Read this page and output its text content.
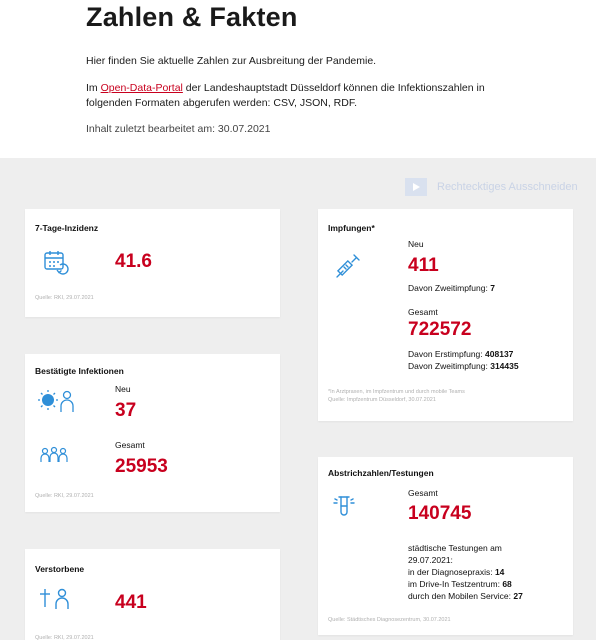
Zahlen & Fakten
Hier finden Sie aktuelle Zahlen zur Ausbreitung der Pandemie.
Im Open-Data-Portal der Landeshauptstadt Düsseldorf können die Infektionszahlen in folgenden Formaten abgerufen werden: CSV, JSON, RDF.
Inhalt zuletzt bearbeitet am: 30.07.2021
Rechtecktiges Ausschneiden
7-Tage-Inzidenz
41.6
Quelle: RKI, 29.07.2021
Bestätigte Infektionen
Neu
37
Gesamt
25953
Quelle: RKI, 29.07.2021
Verstorbene
441
Quelle: RKI, 29.07.2021
Impfungen*
Neu
411
Davon Zweitimpfung: 7
Gesamt
722572
Davon Erstimpfung: 408137
Davon Zweitimpfung: 314435
*In Arztpraxen, im Impfzentrum und durch mobile Teams
Quelle: Impfzentrum Düsseldorf, 30.07.2021
Abstrichzahlen/Testungen
Gesamt
140745
städtische Testungen am
29.07.2021:
in der Diagnosepraxis: 14
im Drive-In Testzentrum: 68
durch den Mobilen Service: 27
Quelle: Städtisches Diagnosezentrum, 30.07.2021
